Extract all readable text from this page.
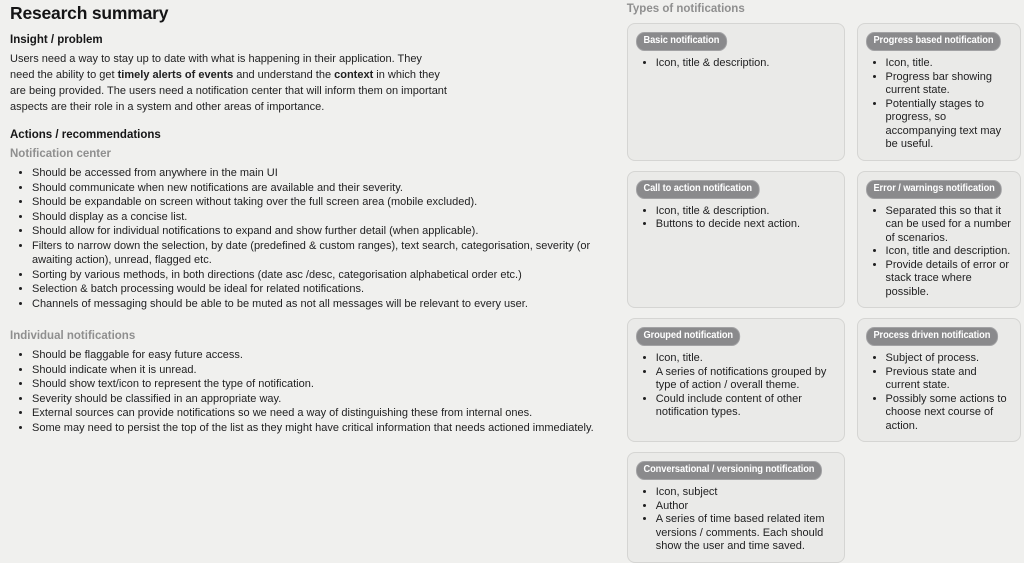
Research summary
Insight / problem

Users need a way to stay up to date with what is happening in their application. They need the ability to get timely alerts of events and understand the context in which they are being provided. The users need a notification center that will inform them on important aspects are their role in a system and other areas of importance.

Actions / recommendations
Notification center
• Should be accessed from anywhere in the main UI
• Should communicate when new notifications are available and their severity.
• Should be expandable on screen without taking over the full screen area (mobile excluded).
• Should display as a concise list.
• Should allow for individual notifications to expand and show further detail (when applicable).
• Filters to narrow down the selection, by date (predefined & custom ranges), text search, categorisation, severity (or awaiting action), unread, flagged etc.
• Sorting by various methods, in both directions (date asc /desc, categorisation alphabetical order etc.)
• Selection & batch processing would be ideal for related notifications.
• Channels of messaging should be able to be muted as not all messages will be relevant to every user.
Individual notifications
• Should be flaggable for easy future access.
• Should indicate when it is unread.
• Should show text/icon to represent the type of notification.
• Severity should be classified in an appropriate way.
• External sources can provide notifications so we need a way of distinguishing these from internal ones.
• Some may need to persist the top of the list as they might have critical information that needs actioned immediately.
Types of notifications
Basic notification
• Icon, title & description.
Progress based notification
• Icon, title.
• Progress bar showing current state.
• Potentially stages to progress, so accompanying text may be useful.
Call to action notification
• Icon, title & description.
• Buttons to decide next action.
Error / warnings notification
• Separated this so that it can be used for a number of scenarios.
• Icon, title and description.
• Provide details of error or stack trace where possible.
Grouped notification
• Icon, title.
• A series of notifications grouped by type of action / overall theme.
• Could include content of other notification types.
Process driven notification
• Subject of process.
• Previous state and current state.
• Possibly some actions to choose next course of action.
Conversational / versioning notification
• Icon, subject
• Author
• A series of time based related item versions / comments. Each should show the user and time saved.
